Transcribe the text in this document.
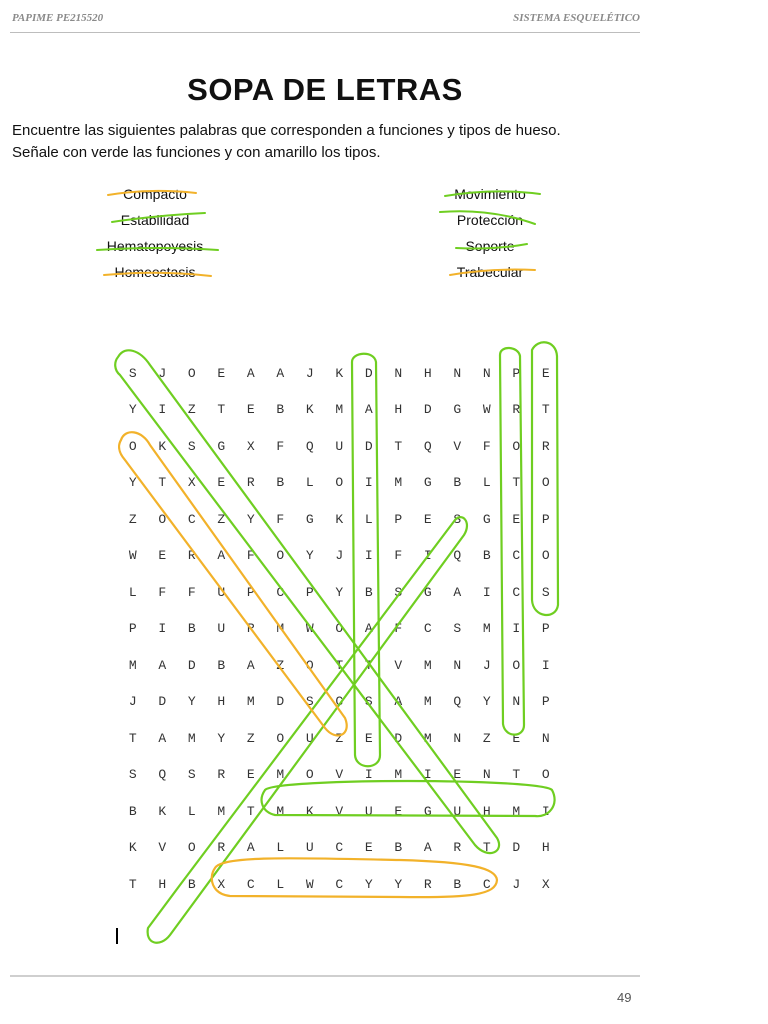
PAPIME PE215520	SISTEMA ESQUELÉTICO
SOPA DE LETRAS

Encuentre las siguientes palabras que corresponden a funciones y tipos de hueso.

Señale con verde las funciones y con amarillo los tipos.

Compacto
Estabilidad
Hematopoyesis
Homeostasis
Movimiento
Protección
Soporte
Trabecular
S	J	O	E	A	A	J	K	D	N	H	N	N	P	E
Y	I	Z	T	E	B	K	M	A	H	D	G	W	R	T
O	K	S	G	X	F	Q	U	D	T	Q	V	F	O	R
Y	T	X	E	R	B	L	O	I	M	G	B	L	T	O
Z	O	C	Z	Y	F	G	K	L	P	E	S	G	E	P
W	E	R	A	F	O	Y	J	I	F	I	Q	B	C	O
L	F	F	U	P	C	P	Y	B	S	G	A	I	C	S
P	I	B	U	R	M	W	O	A	F	C	S	M	I	P
M	A	D	B	A	Z	O	T	T	V	M	N	J	O	I
J	D	Y	H	M	D	S	C	S	A	M	Q	Y	N	P
T	A	M	Y	Z	O	U	Z	E	D	M	N	Z	E	N
S	Q	S	R	E	M	O	V	I	M	I	E	N	T	O
B	K	L	M	T	M	K	V	U	E	G	U	H	M	I
K	V	O	R	A	L	U	C	E	B	A	R	T	D	H
T	H	B	X	C	L	W	C	Y	Y	R	B	C	J	X
49
